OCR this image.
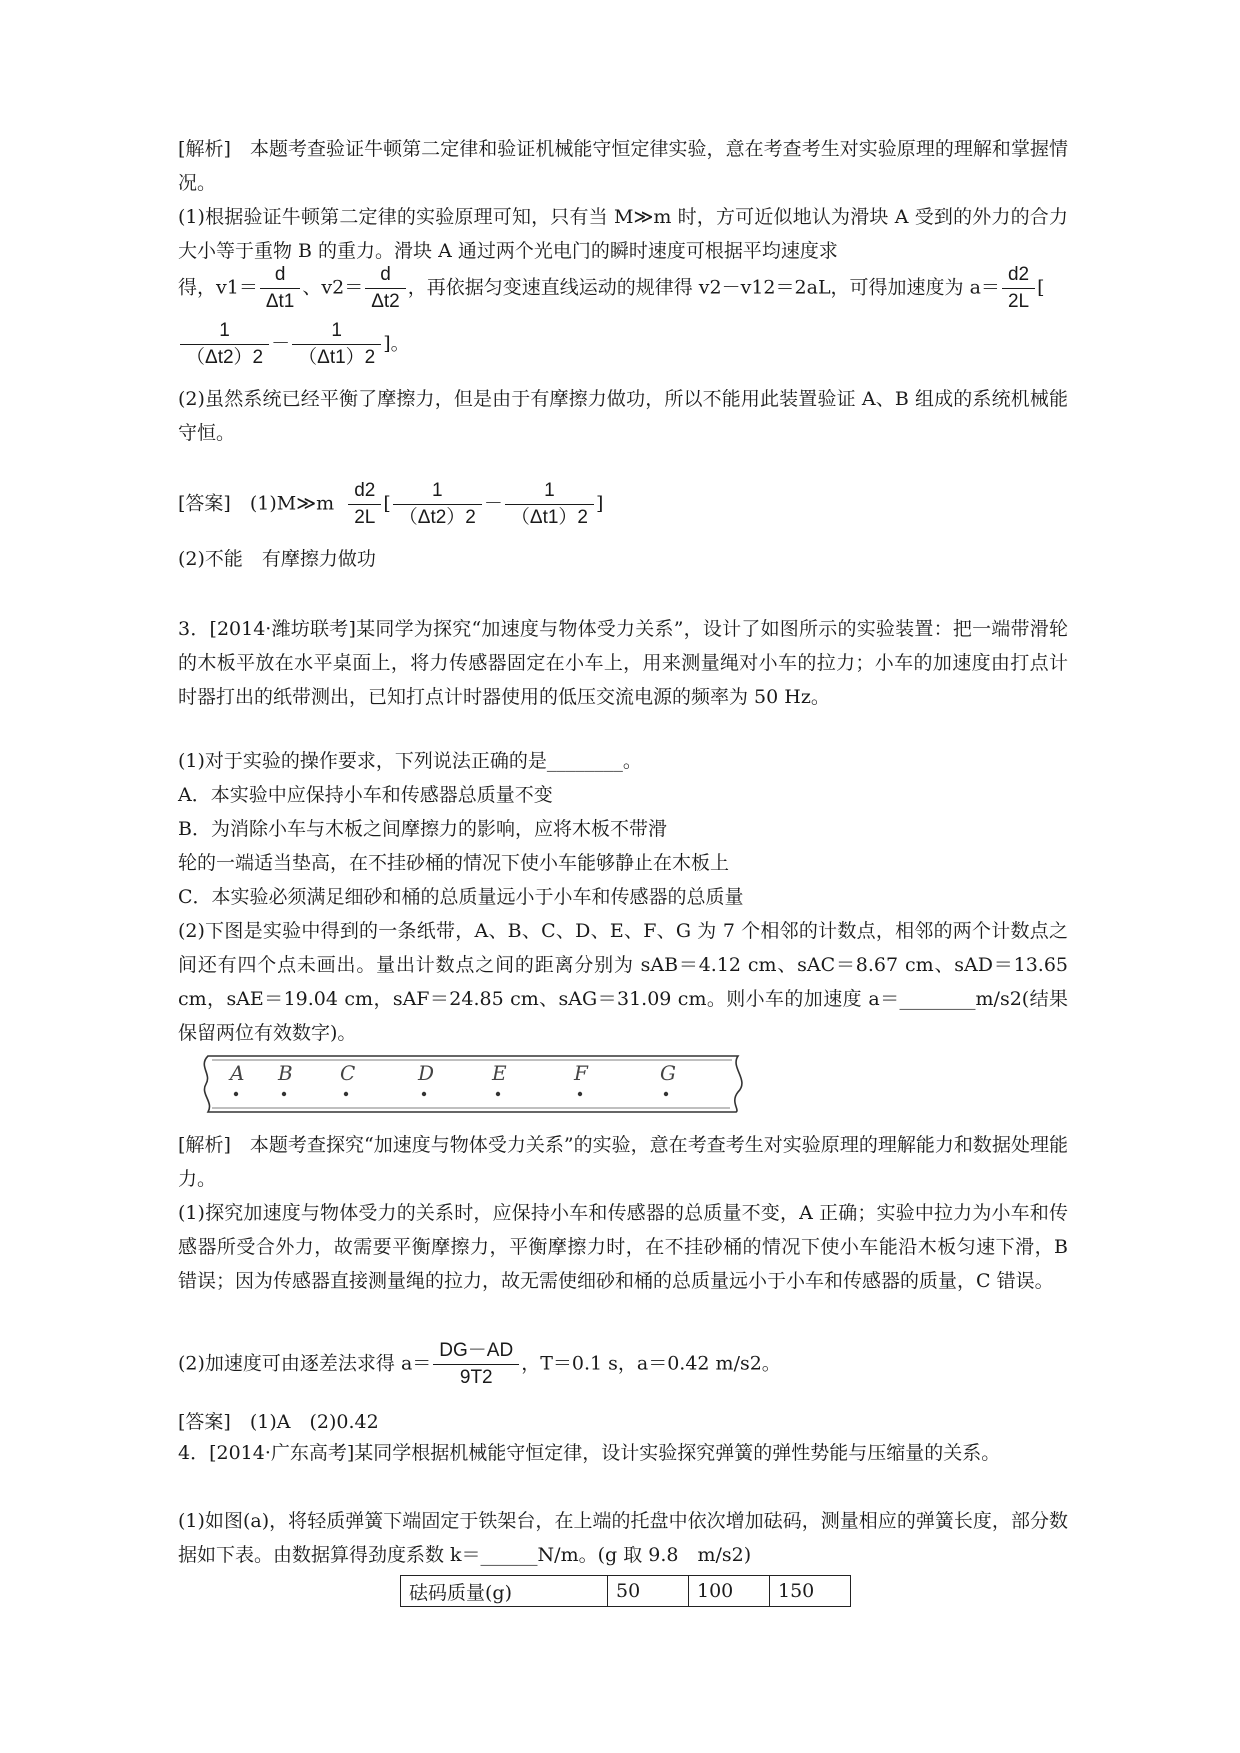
[解析]　本题考查验证牛顿第二定律和验证机械能守恒定律实验，意在考查考生对实验原理的理解和掌握情况。
(1)根据验证牛顿第二定律的实验原理可知，只有当 M≫m 时，方可近似地认为滑块 A 受到的外力的合力大小等于重物 B 的重力。滑块 A 通过两个光电门的瞬时速度可根据平均速度求
得，$v1= \frac{d}{\Delta t1}$ 、$v2= \frac{d}{\Delta t2}$ ，再依据匀变速直线运动的规律得 v2－v12＝2aL，可得加速度为 $a= \frac{d2}{2L}$ [
$\frac{1}{(\Delta t2)2} - \frac{1}{(\Delta t1)2}$ ]。
(2)虽然系统已经平衡了摩擦力，但是由于有摩擦力做功，所以不能用此装置验证 A、B 组成的系统机械能守恒。
[答案]　(1)M≫m $\frac{d2}{2L}$ [ $\frac{1}{(\Delta t2)2} - \frac{1}{(\Delta t1)2}$ ]
(2)不能　有摩擦力做功
3．[2014·潍坊联考]某同学为探究“加速度与物体受力关系”，设计了如图所示的实验装置：把一端带滑轮的木板平放在水平桌面上，将力传感器固定在小车上，用来测量绳对小车的拉力；小车的加速度由打点计时器打出的纸带测出，已知打点计时器使用的低压交流电源的频率为 50 Hz。
(1)对于实验的操作要求，下列说法正确的是________。
A．本实验中应保持小车和传感器总质量不变
B．为消除小车与木板之间摩擦力的影响，应将木板不带滑
轮的一端适当垫高，在不挂砂桶的情况下使小车能够静止在木板上
C．本实验必须满足细砂和桶的总质量远小于小车和传感器的总质量
(2)下图是实验中得到的一条纸带，A、B、C、D、E、F、G 为 7 个相邻的计数点，相邻的两个计数点之间还有四个点未画出。量出计数点之间的距离分别为 sAB＝4.12 cm、sAC＝8.67 cm、sAD＝13.65 cm，sAE＝19.04 cm，sAF＝24.85 cm、sAG＝31.09 cm。则小车的加速度 a＝________m/s2(结果保留两位有效数字)。
A B C	D	E	F	G
[解析]　本题考查探究“加速度与物体受力关系”的实验，意在考查考生对实验原理的理解能力和数据处理能力。
(1)探究加速度与物体受力的关系时，应保持小车和传感器的总质量不变，A 正确；实验中拉力为小车和传感器所受合外力，故需要平衡摩擦力，平衡摩擦力时，在不挂砂桶的情况下使小车能沿木板匀速下滑，B 错误；因为传感器直接测量绳的拉力，故无需使细砂和桶的总质量远小于小车和传感器的质量，C 错误。
(2)加速度可由逐差法求得 $a= \frac{DG-AD}{9T2}$ ，T＝0.1 s，a＝0.42 m/s2。
[答案]　(1)A　(2)0.42
4．[2014·广东高考]某同学根据机械能守恒定律，设计实验探究弹簧的弹性势能与压缩量的关系。
(1)如图(a)，将轻质弹簧下端固定于铁架台，在上端的托盘中依次增加砝码，测量相应的弹簧长度，部分数据如下表。由数据算得劲度系数 k＝______N/m。(g 取 9.8　m/s2)
砝码质量(g)	50	100	150
